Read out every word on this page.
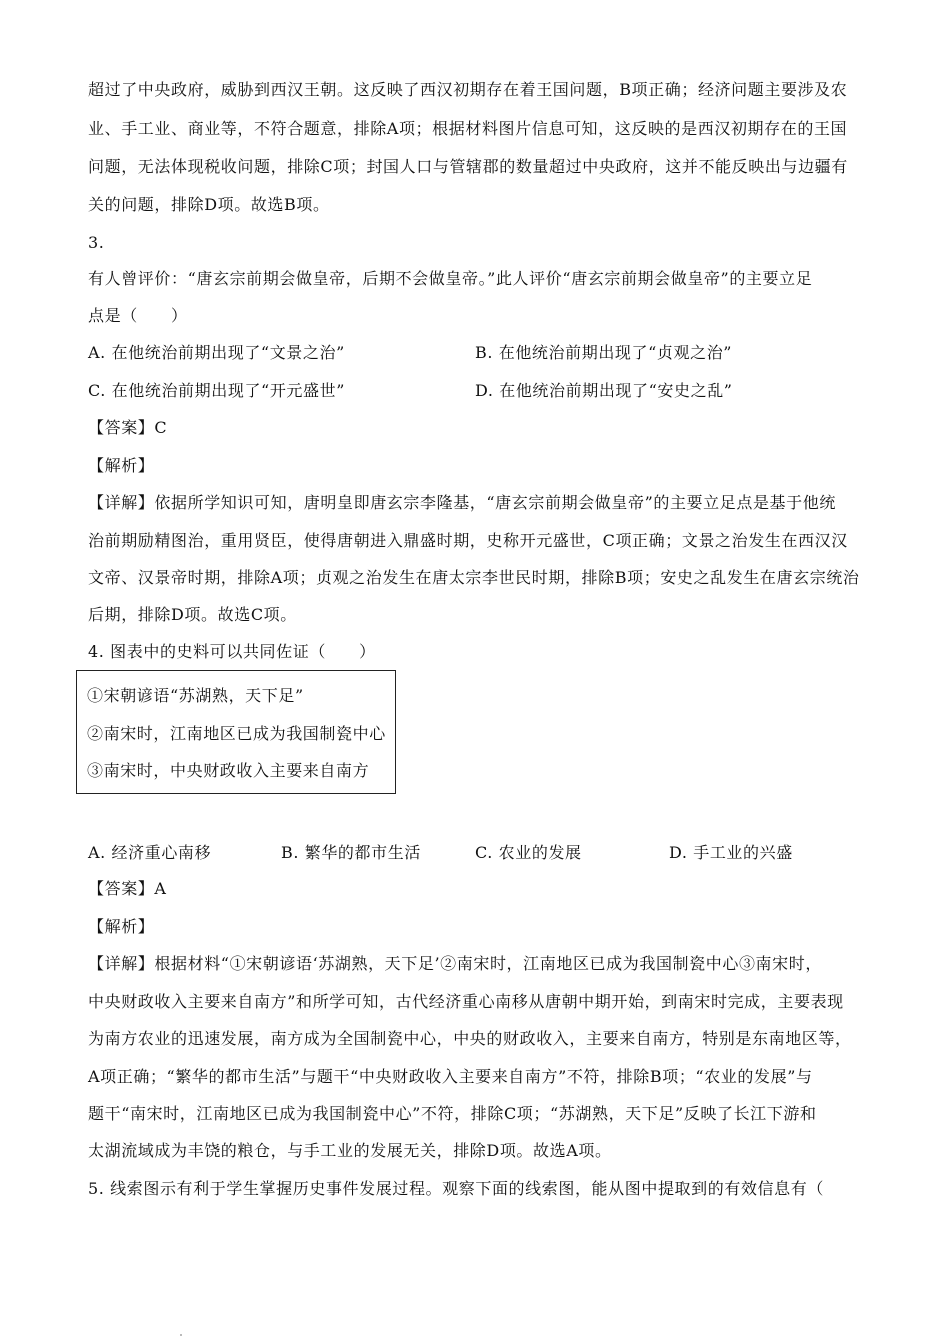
超过了中央政府，威胁到西汉王朝。这反映了西汉初期存在着王国问题，B项正确；经济问题主要涉及农
业、手工业、商业等，不符合题意，排除A项；根据材料图片信息可知，这反映的是西汉初期存在的王国
问题，无法体现税收问题，排除C项；封国人口与管辖郡的数量超过中央政府，这并不能反映出与边疆有
关的问题，排除D项。故选B项。
3.
有人曾评价：“唐玄宗前期会做皇帝，后期不会做皇帝。”此人评价“唐玄宗前期会做皇帝”的主要立足
点是（　　）
A. 在他统治前期出现了“文景之治”	B. 在他统治前期出现了“贞观之治”
C. 在他统治前期出现了“开元盛世”	D. 在他统治前期出现了“安史之乱”
【答案】C
【解析】
【详解】依据所学知识可知，唐明皇即唐玄宗李隆基，“唐玄宗前期会做皇帝”的主要立足点是基于他统
治前期励精图治，重用贤臣，使得唐朝进入鼎盛时期，史称开元盛世，C项正确；文景之治发生在西汉汉
文帝、汉景帝时期，排除A项；贞观之治发生在唐太宗李世民时期，排除B项；安史之乱发生在唐玄宗统治
后期，排除D项。故选C项。
4. 图表中的史料可以共同佐证（　　）
①宋朝谚语“苏湖熟，天下足”
②南宋时，江南地区已成为我国制瓷中心
③南宋时，中央财政收入主要来自南方
A. 经济重心南移	B. 繁华的都市生活	C. 农业的发展	D. 手工业的兴盛
【答案】A
【解析】
【详解】根据材料“①宋朝谚语‘苏湖熟，天下足’②南宋时，江南地区已成为我国制瓷中心③南宋时，
中央财政收入主要来自南方”和所学可知，古代经济重心南移从唐朝中期开始，到南宋时完成，主要表现
为南方农业的迅速发展，南方成为全国制瓷中心，中央的财政收入，主要来自南方，特别是东南地区等，
A项正确；“繁华的都市生活”与题干“中央财政收入主要来自南方”不符，排除B项；“农业的发展”与
题干“南宋时，江南地区已成为我国制瓷中心”不符，排除C项；“苏湖熟，天下足”反映了长江下游和
太湖流域成为丰饶的粮仓，与手工业的发展无关，排除D项。故选A项。
5. 线索图示有利于学生掌握历史事件发展过程。观察下面的线索图，能从图中提取到的有效信息有（
